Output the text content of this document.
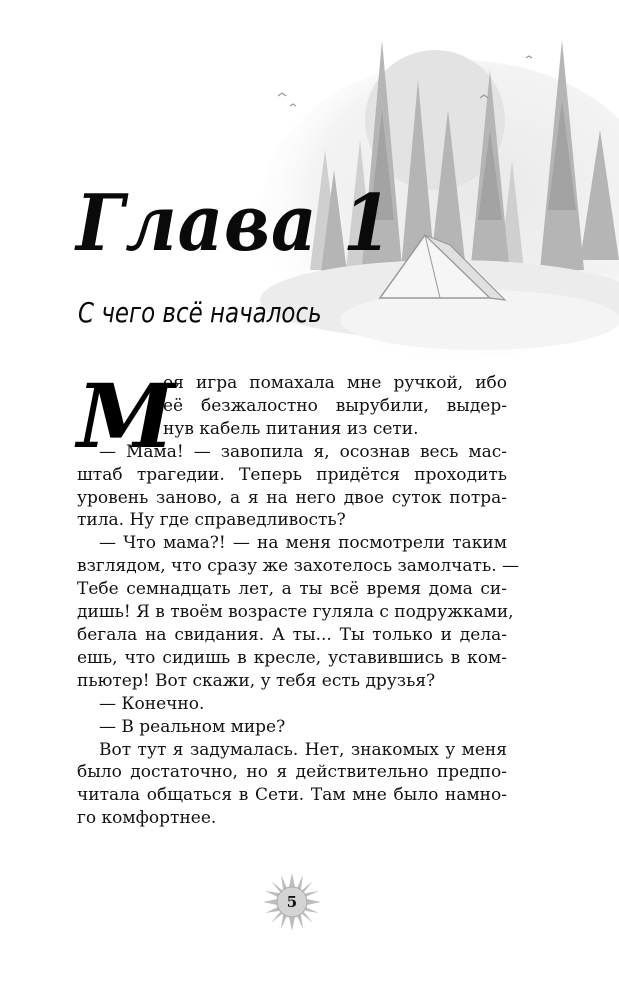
Глава 1
С чего всё началось
М
оя игра помахала мне ручкой, ибо
её безжалостно вырубили, выдер-
нув кабель питания из сети.
— Мама! — завопила я, осознав весь мас-
штаб трагедии. Теперь придётся проходить
уровень заново, а я на него двое суток потра-
тила. Ну где справедливость?
— Что мама?! — на меня посмотрели таким
взглядом, что сразу же захотелось замолчать. —
Тебе семнадцать лет, а ты всё время дома си-
дишь! Я в твоём возрасте гуляла с подружками,
бегала на свидания. А ты... Ты только и делa-
ешь, что сидишь в кресле, уставившись в ком-
пьютер! Вот скажи, у тебя есть друзья?
— Конечно.
— В реальном мире?
Вот тут я задумалась. Нет, знакомых у меня
было достаточно, но я действительно предпо-
читала общаться в Сети. Там мне было намно-
го комфортнее.
5
